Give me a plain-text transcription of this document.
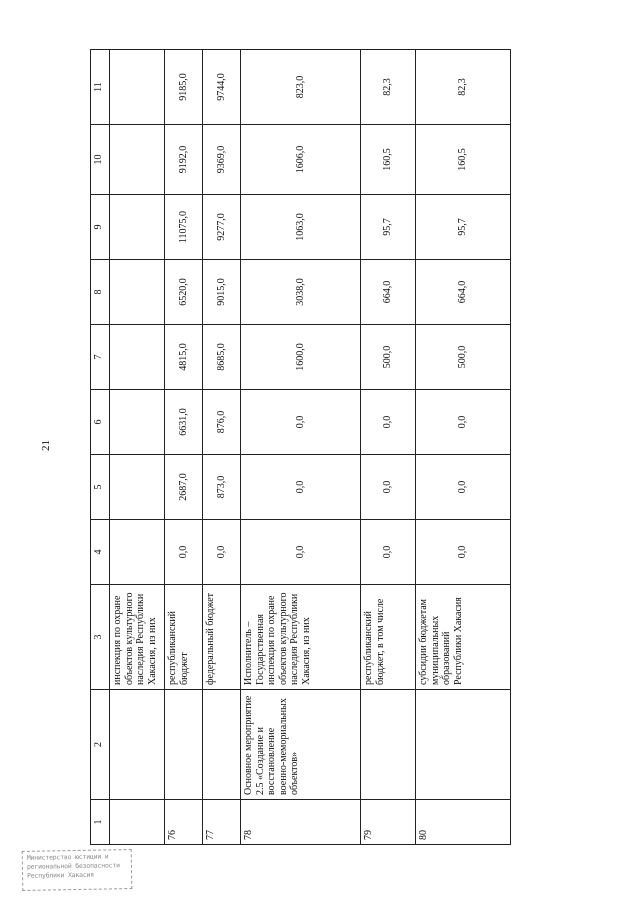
21
1	2	3	4	5	6	7	8	9	10	11
		инспекция по охране объектов культурного наследия Республики Хакасия, из них								
76		республиканский бюджет	0,0	2687,0	6631,0	4815,0	6520,0	11075,0	9192,0	9185,0
77		федеральный бюджет	0,0	873,0	876,0	8685,0	9015,0	9277,0	9369,0	9744,0
78	Основное мероприятие 2.5 «Создание и восстановление военно-мемориальных объектов»	Исполнитель – Государственная инспекция по охране объектов культурного наследия Республики Хакасия, из них	0,0	0,0	0,0	1600,0	3038,0	1063,0	1606,0	823,0
79		республиканский бюджет, в том числе	0,0	0,0	0,0	500,0	664,0	95,7	160,5	82,3
80		субсидии бюджетам муниципальных образований Республики Хакасия	0,0	0,0	0,0	500,0	664,0	95,7	160,5	82,3
Министерство юстиции и
региональной безопасности
Республики Хакасия
